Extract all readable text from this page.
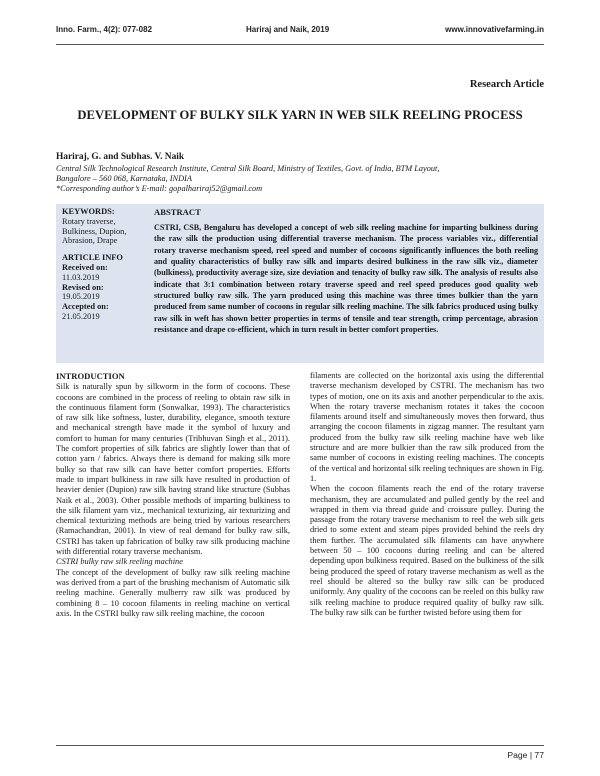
Inno. Farm., 4(2): 077-082	Hariraj and Naik, 2019	www.innovativefarming.in
Research Article
DEVELOPMENT OF BULKY SILK YARN IN WEB SILK REELING PROCESS
Hariraj, G. and Subhas. V. Naik
Central Silk Technological Research Institute, Central Silk Board, Ministry of Textiles, Govt. of India, BTM Layout,
Bangalore – 560 068, Karnataka, INDIA
*Corresponding author’s E-mail: gopalhariraj52@gmail.com
KEYWORDS:
Rotary traverse, Bulkiness, Dupion, Abrasion, Drape
ARTICLE INFO
Received on:
11.03.2019
Revised on:
19.05.2019
Accepted on:
21.05.2019
ABSTRACT
CSTRI, CSB, Bengaluru has developed a concept of web silk reeling machine for imparting bulkiness during the raw silk the production using differential traverse mechanism. The process variables viz., differential rotary traverse mechanism speed, reel speed and number of cocoons significantly influences the both reeling and quality characteristics of bulky raw silk and imparts desired bulkiness in the raw silk viz., diameter (bulkiness), productivity average size, size deviation and tenacity of bulky raw silk. The analysis of results also indicate that 3:1 combination between rotary traverse speed and reel speed produces good quality web structured bulky raw silk. The yarn produced using this machine was three times bulkier than the yarn produced from same number of cocoons in regular silk reeling machine. The silk fabrics produced using bulky raw silk in weft has shown better properties in terms of tensile and tear strength, crimp percentage, abrasion resistance and drape co-efficient, which in turn result in better comfort properties.
INTRODUCTION

Silk is naturally spun by silkworm in the form of cocoons. These cocoons are combined in the process of reeling to obtain raw silk in the continuous filament form (Sonwalkar, 1993). The characteristics of raw silk like softness, luster, durability, elegance, smooth texture and mechanical strength have made it the symbol of luxury and comfort to human for many centuries (Tribhuvan Singh et al., 2011). The comfort properties of silk fabrics are slightly lower than that of cotton yarn / fabrics. Always there is demand for making silk more bulky so that raw silk can have better comfort properties. Efforts made to impart bulkiness in raw silk have resulted in production of heavier denier (Dupion) raw silk having strand like structure (Subhas Naik et al., 2003). Other possible methods of imparting bulkiness to the silk filament yarn viz., mechanical texturizing, air texturizing and chemical texturizing methods are being tried by various researchers (Ramachandran, 2001). In view of real demand for bulky raw silk, CSTRI has taken up fabrication of bulky raw silk producing machine with differential rotary traverse mechanism.

CSTRI bulky raw silk reeling machine

The concept of the development of bulky raw silk reeling machine was derived from a part of the brushing mechanism of Automatic silk reeling machine. Generally mulberry raw silk was produced by combining 8 – 10 cocoon filaments in reeling machine on vertical axis. In the CSTRI bulky raw silk reeling machine, the cocoon

filaments are collected on the horizontal axis using the differential traverse mechanism developed by CSTRI. The mechanism has two types of motion, one on its axis and another perpendicular to the axis. When the rotary traverse mechanism rotates it takes the cocoon filaments around itself and simultaneously moves then forward, thus arranging the cocoon filaments in zigzag manner. The resultant yarn produced from the bulky raw silk reeling machine have web like structure and are more bulkier than the raw silk produced from the same number of cocoons in existing reeling machines. The concepts of the vertical and horizontal silk reeling techniques are shown in Fig. 1.

When the cocoon filaments reach the end of the rotary traverse mechanism, they are accumulated and pulled gently by the reel and wrapped in them via thread guide and croissure pulley. During the passage from the rotary traverse mechanism to reel the web silk gets dried to some extent and steam pipes provided behind the reels dry them further. The accumulated silk filaments can have anywhere between 50 – 100 cocoons during reeling and can be altered depending upon bulkiness required. Based on the bulkiness of the silk being produced the speed of rotary traverse mechanism as well as the reel should be altered so the bulky raw silk can be produced uniformly. Any quality of the cocoons can be reeled on this bulky raw silk reeling machine to produce required quality of bulky raw silk. The bulky raw silk can be further twisted before using them for

Page | 77
